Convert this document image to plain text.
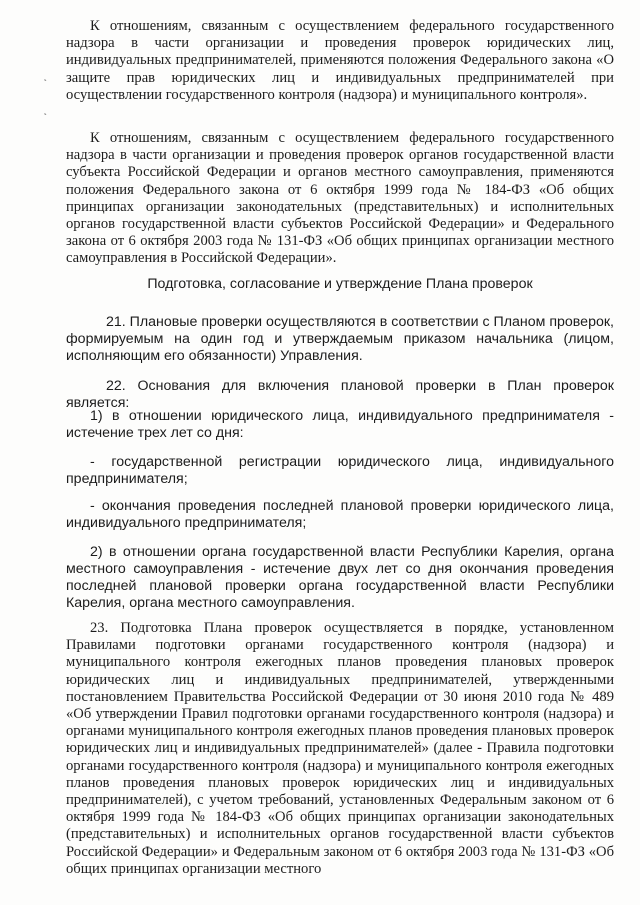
˛
˛

К отношениям, связанным с осуществлением федерального государственного надзора в части организации и проведения проверок юридических лиц, индивидуальных предпринимателей, применяются положения Федерального закона «О защите прав юридических лиц и индивидуальных предпринимателей при осуществлении государственного контроля (надзора) и муниципального контроля».

К отношениям, связанным с осуществлением федерального государственного надзора в части организации и проведения проверок органов государственной власти субъекта Российской Федерации и органов местного самоуправления, применяются положения Федерального закона от 6 октября 1999 года № 184-ФЗ «Об общих принципах организации законодательных (представительных) и исполнительных органов государственной власти субъектов Российской Федерации» и Федерального закона от 6 октября 2003 года № 131-ФЗ «Об общих принципах организации местного самоуправления в Российской Федерации».

Подготовка, согласование и утверждение Плана проверок

21. Плановые проверки осуществляются в соответствии с Планом проверок, формируемым на один год и утверждаемым приказом начальника (лицом, исполняющим его обязанности) Управления.

22. Основания для включения плановой проверки в План проверок является:

1) в отношении юридического лица, индивидуального предпринимателя - истечение трех лет со дня:

- государственной регистрации юридического лица, индивидуального предпринимателя;

- окончания проведения последней плановой проверки юридического лица, индивидуального предпринимателя;

2) в отношении органа государственной власти Республики Карелия, органа местного самоуправления - истечение двух лет со дня окончания проведения последней плановой проверки органа государственной власти Республики Карелия, органа местного самоуправления.

23. Подготовка Плана проверок осуществляется в порядке, установленном Правилами подготовки органами государственного контроля (надзора) и муниципального контроля ежегодных планов проведения плановых проверок юридических лиц и индивидуальных предпринимателей, утвержденными постановлением Правительства Российской Федерации от 30 июня 2010 года № 489 «Об утверждении Правил подготовки органами государственного контроля (надзора) и органами муниципального контроля ежегодных планов проведения плановых проверок юридических лиц и индивидуальных предпринимателей» (далее - Правила подготовки органами государственного контроля (надзора) и муниципального контроля ежегодных планов проведения плановых проверок юридических лиц и индивидуальных предпринимателей), с учетом требований, установленных Федеральным законом от 6 октября 1999 года № 184-ФЗ «Об общих принципах организации законодательных (представительных) и исполнительных органов государственной власти субъектов Российской Федерации» и Федеральным законом от 6 октября 2003 года № 131-ФЗ «Об общих принципах организации местного
